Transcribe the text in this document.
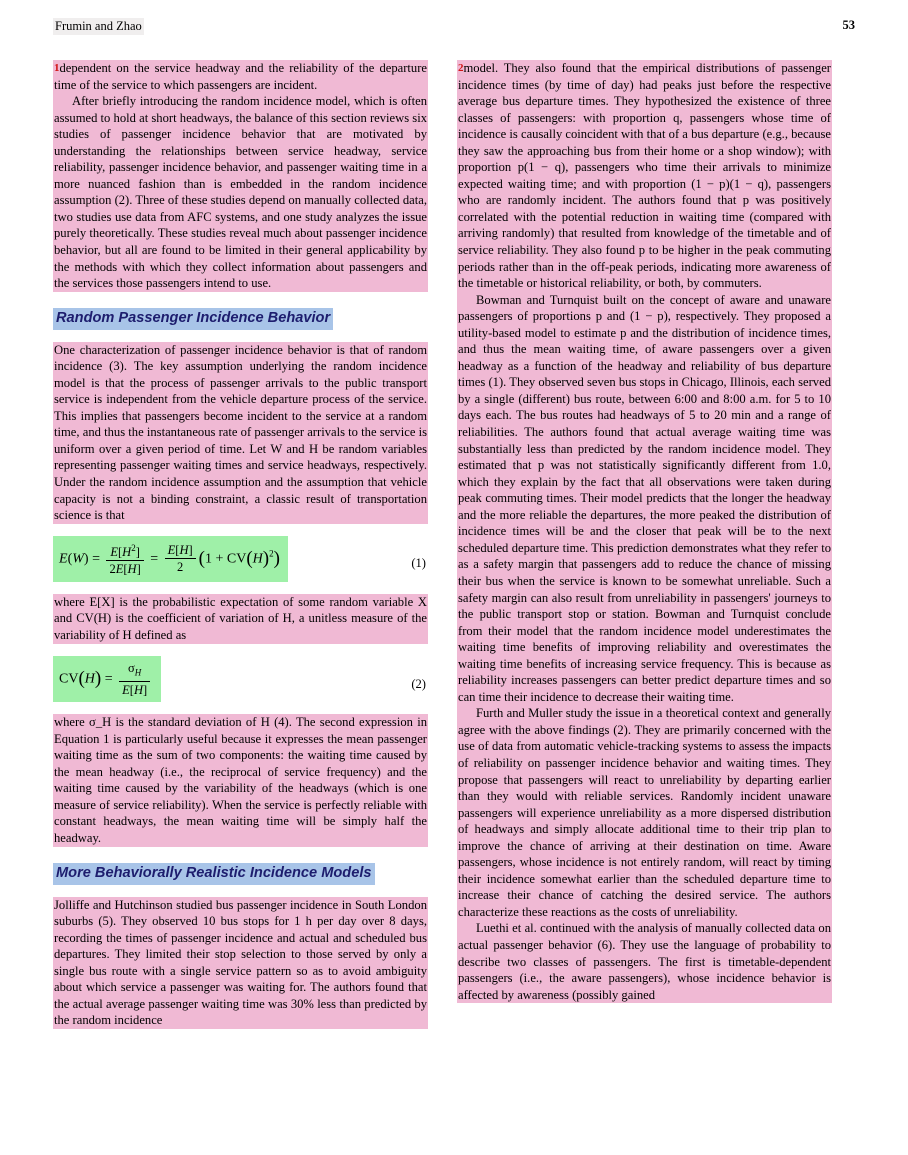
Frumin and Zhao	53

1dependent on the service headway and the reliability of the departure time of the service to which passengers are incident.

After briefly introducing the random incidence model, which is often assumed to hold at short headways, the balance of this section reviews six studies of passenger incidence behavior that are motivated by understanding the relationships between service headway, service reliability, passenger incidence behavior, and passenger waiting time in a more nuanced fashion than is embedded in the random incidence assumption (2). Three of these studies depend on manually collected data, two studies use data from AFC systems, and one study analyzes the issue purely theoretically. These studies reveal much about passenger incidence behavior, but all are found to be limited in their general applicability by the methods with which they collect information about passengers and the services those passengers intend to use.

Random Passenger Incidence Behavior

One characterization of passenger incidence behavior is that of random incidence (3). The key assumption underlying the random incidence model is that the process of passenger arrivals to the public transport service is independent from the vehicle departure process of the service. This implies that passengers become incident to the service at a random time, and thus the instantaneous rate of passenger arrivals to the service is uniform over a given period of time. Let W and H be random variables representing passenger waiting times and service headways, respectively. Under the random incidence assumption and the assumption that vehicle capacity is not a binding constraint, a classic result of transportation science is that

$E(W) = \frac{E[H^2]}{2E[H]} = \frac{E[H]}{2} (1 + CV(H)^2)$	(1)

where E[X] is the probabilistic expectation of some random variable X and CV(H) is the coefficient of variation of H, a unitless measure of the variability of H defined as

$CV(H) = \frac{\sigma_H}{E[H]}$	(2)

where σ_H is the standard deviation of H (4). The second expression in Equation 1 is particularly useful because it expresses the mean passenger waiting time as the sum of two components: the waiting time caused by the mean headway (i.e., the reciprocal of service frequency) and the waiting time caused by the variability of the headways (which is one measure of service reliability). When the service is perfectly reliable with constant headways, the mean waiting time will be simply half the headway.

More Behaviorally Realistic Incidence Models

Jolliffe and Hutchinson studied bus passenger incidence in South London suburbs (5). They observed 10 bus stops for 1 h per day over 8 days, recording the times of passenger incidence and actual and scheduled bus departures. They limited their stop selection to those served by only a single bus route with a single service pattern so as to avoid ambiguity about which service a passenger was waiting for. The authors found that the actual average passenger waiting time was 30% less than predicted by the random incidence

2model. They also found that the empirical distributions of passenger incidence times (by time of day) had peaks just before the respective average bus departure times. They hypothesized the existence of three classes of passengers: with proportion q, passengers whose time of incidence is causally coincident with that of a bus departure (e.g., because they saw the approaching bus from their home or a shop window); with proportion p(1 − q), passengers who time their arrivals to minimize expected waiting time; and with proportion (1 − p)(1 − q), passengers who are randomly incident. The authors found that p was positively correlated with the potential reduction in waiting time (compared with arriving randomly) that resulted from knowledge of the timetable and of service reliability. They also found p to be higher in the peak commuting periods rather than in the off-peak periods, indicating more awareness of the timetable or historical reliability, or both, by commuters.

Bowman and Turnquist built on the concept of aware and unaware passengers of proportions p and (1 − p), respectively. They proposed a utility-based model to estimate p and the distribution of incidence times, and thus the mean waiting time, of aware passengers over a given headway as a function of the headway and reliability of bus departure times (1). They observed seven bus stops in Chicago, Illinois, each served by a single (different) bus route, between 6:00 and 8:00 a.m. for 5 to 10 days each. The bus routes had headways of 5 to 20 min and a range of reliabilities. The authors found that actual average waiting time was substantially less than predicted by the random incidence model. They estimated that p was not statistically significantly different from 1.0, which they explain by the fact that all observations were taken during peak commuting times. Their model predicts that the longer the headway and the more reliable the departures, the more peaked the distribution of incidence times will be and the closer that peak will be to the next scheduled departure time. This prediction demonstrates what they refer to as a safety margin that passengers add to reduce the chance of missing their bus when the service is known to be somewhat unreliable. Such a safety margin can also result from unreliability in passengers' journeys to the public transport stop or station. Bowman and Turnquist conclude from their model that the random incidence model underestimates the waiting time benefits of improving reliability and overestimates the waiting time benefits of increasing service frequency. This is because as reliability increases passengers can better predict departure times and so can time their incidence to decrease their waiting time.

Furth and Muller study the issue in a theoretical context and generally agree with the above findings (2). They are primarily concerned with the use of data from automatic vehicle-tracking systems to assess the impacts of reliability on passenger incidence behavior and waiting times. They propose that passengers will react to unreliability by departing earlier than they would with reliable services. Randomly incident unaware passengers will experience unreliability as a more dispersed distribution of headways and simply allocate additional time to their trip plan to improve the chance of arriving at their destination on time. Aware passengers, whose incidence is not entirely random, will react by timing their incidence somewhat earlier than the scheduled departure time to increase their chance of catching the desired service. The authors characterize these reactions as the costs of unreliability.

Luethi et al. continued with the analysis of manually collected data on actual passenger behavior (6). They use the language of probability to describe two classes of passengers. The first is timetable-dependent passengers (i.e., the aware passengers), whose incidence behavior is affected by awareness (possibly gained
